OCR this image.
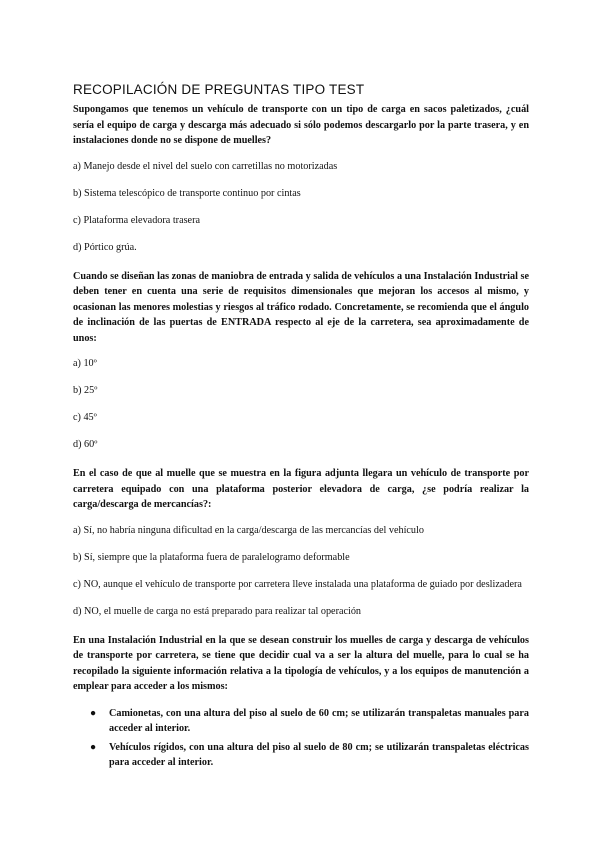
RECOPILACIÓN DE PREGUNTAS TIPO TEST

Supongamos que tenemos un vehículo de transporte con un tipo de carga en sacos paletizados, ¿cuál sería el equipo de carga y descarga más adecuado si sólo podemos descargarlo por la parte trasera, y en instalaciones donde no se dispone de muelles?

a) Manejo desde el nivel del suelo con carretillas no motorizadas

b) Sistema telescópico de transporte continuo por cintas

c) Plataforma elevadora trasera

d) Pórtico grúa.

Cuando se diseñan las zonas de maniobra de entrada y salida de vehículos a una Instalación Industrial se deben tener en cuenta una serie de requisitos dimensionales que mejoran los accesos al mismo, y ocasionan las menores molestias y riesgos al tráfico rodado. Concretamente, se recomienda que el ángulo de inclinación de las puertas de ENTRADA respecto al eje de la carretera, sea aproximadamente de unos:

a) 10º

b) 25º

c) 45º

d) 60º

En el caso de que al muelle que se muestra en la figura adjunta llegara un vehículo de transporte por carretera equipado con una plataforma posterior elevadora de carga, ¿se podría realizar la carga/descarga de mercancías?:

a) Sí, no habría ninguna dificultad en la carga/descarga de las mercancías del vehículo

b) Sí, siempre que la plataforma fuera de paralelogramo deformable

c) NO, aunque el vehículo de transporte por carretera lleve instalada una plataforma de guiado por deslizadera

d) NO, el muelle de carga no está preparado para realizar tal operación

En una Instalación Industrial en la que se desean construir los muelles de carga y descarga de vehículos de transporte por carretera, se tiene que decidir cual va a ser la altura del muelle, para lo cual se ha recopilado la siguiente información relativa a la tipología de vehículos, y a los equipos de manutención a emplear para acceder a los mismos:

● Camionetas, con una altura del piso al suelo de 60 cm; se utilizarán transpaletas manuales para acceder al interior.
● Vehículos rígidos, con una altura del piso al suelo de 80 cm; se utilizarán transpaletas eléctricas para acceder al interior.
